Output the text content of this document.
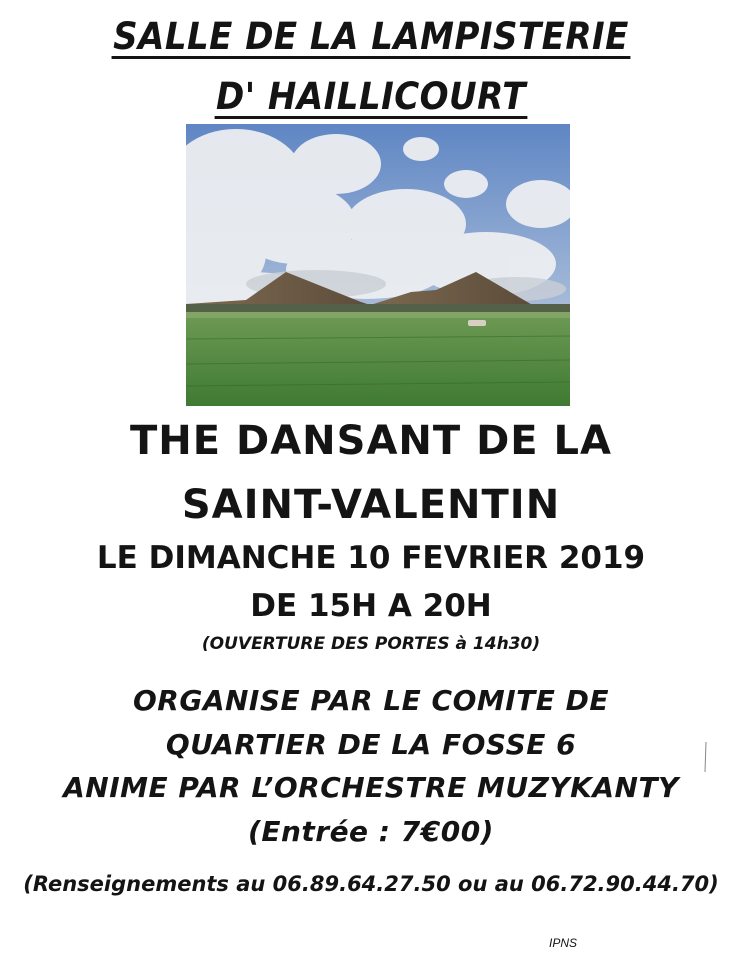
SALLE DE LA LAMPISTERIE
D' HAILLICOURT
THE DANSANT DE LA
SAINT-VALENTIN
LE DIMANCHE 10 FEVRIER 2019
DE 15H A 20H
(OUVERTURE DES PORTES à 14h30)
ORGANISE PAR LE COMITE DE
QUARTIER DE LA FOSSE 6
ANIME PAR L’ORCHESTRE MUZYKANTY
(Entrée : 7€00)
(Renseignements au 06.89.64.27.50 ou au 06.72.90.44.70)
IPNS
